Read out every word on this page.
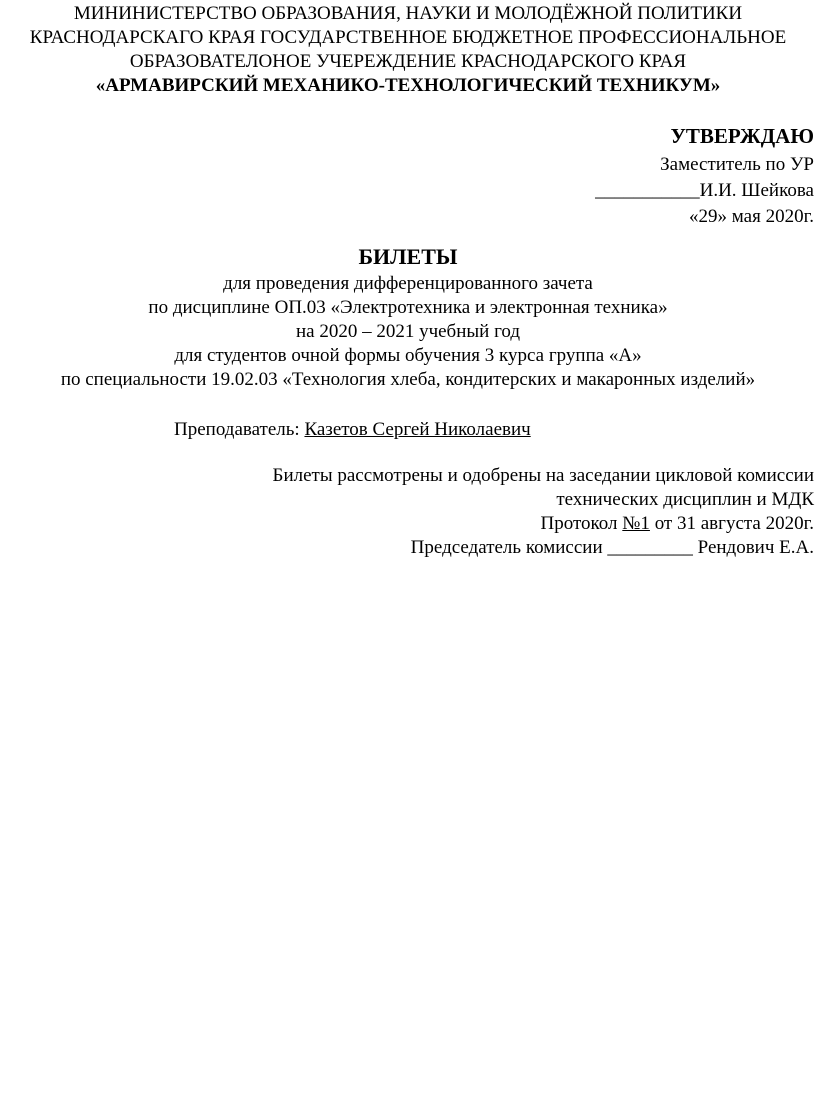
МИНИНИСТЕРСТВО ОБРАЗОВАНИЯ, НАУКИ И МОЛОДЁЖНОЙ ПОЛИТИКИ
КРАСНОДАРСКАГО КРАЯ ГОСУДАРСТВЕННОЕ БЮДЖЕТНОЕ ПРОФЕССИОНАЛЬНОЕ
ОБРАЗОВАТЕЛОНОЕ УЧЕРЕЖДЕНИЕ КРАСНОДАРСКОГО КРАЯ
«АРМАВИРСКИЙ МЕХАНИКО-ТЕХНОЛОГИЧЕСКИЙ ТЕХНИКУМ»
УТВЕРЖДАЮ
Заместитель по УР
___________И.И. Шейкова
«29» мая 2020г.
БИЛЕТЫ
для проведения дифференцированного зачета
по дисциплине ОП.03 «Электротехника и электронная техника»
на 2020 – 2021 учебный год
для студентов очной формы обучения 3 курса группа «А»
по специальности 19.02.03 «Технология хлеба, кондитерских и макаронных изделий»
Преподаватель: Казетов Сергей Николаевич
Билеты рассмотрены и одобрены на заседании цикловой комиссии
технических дисциплин и МДК
Протокол №1 от 31 августа 2020г.
Председатель комиссии _________ Рендович Е.А.
